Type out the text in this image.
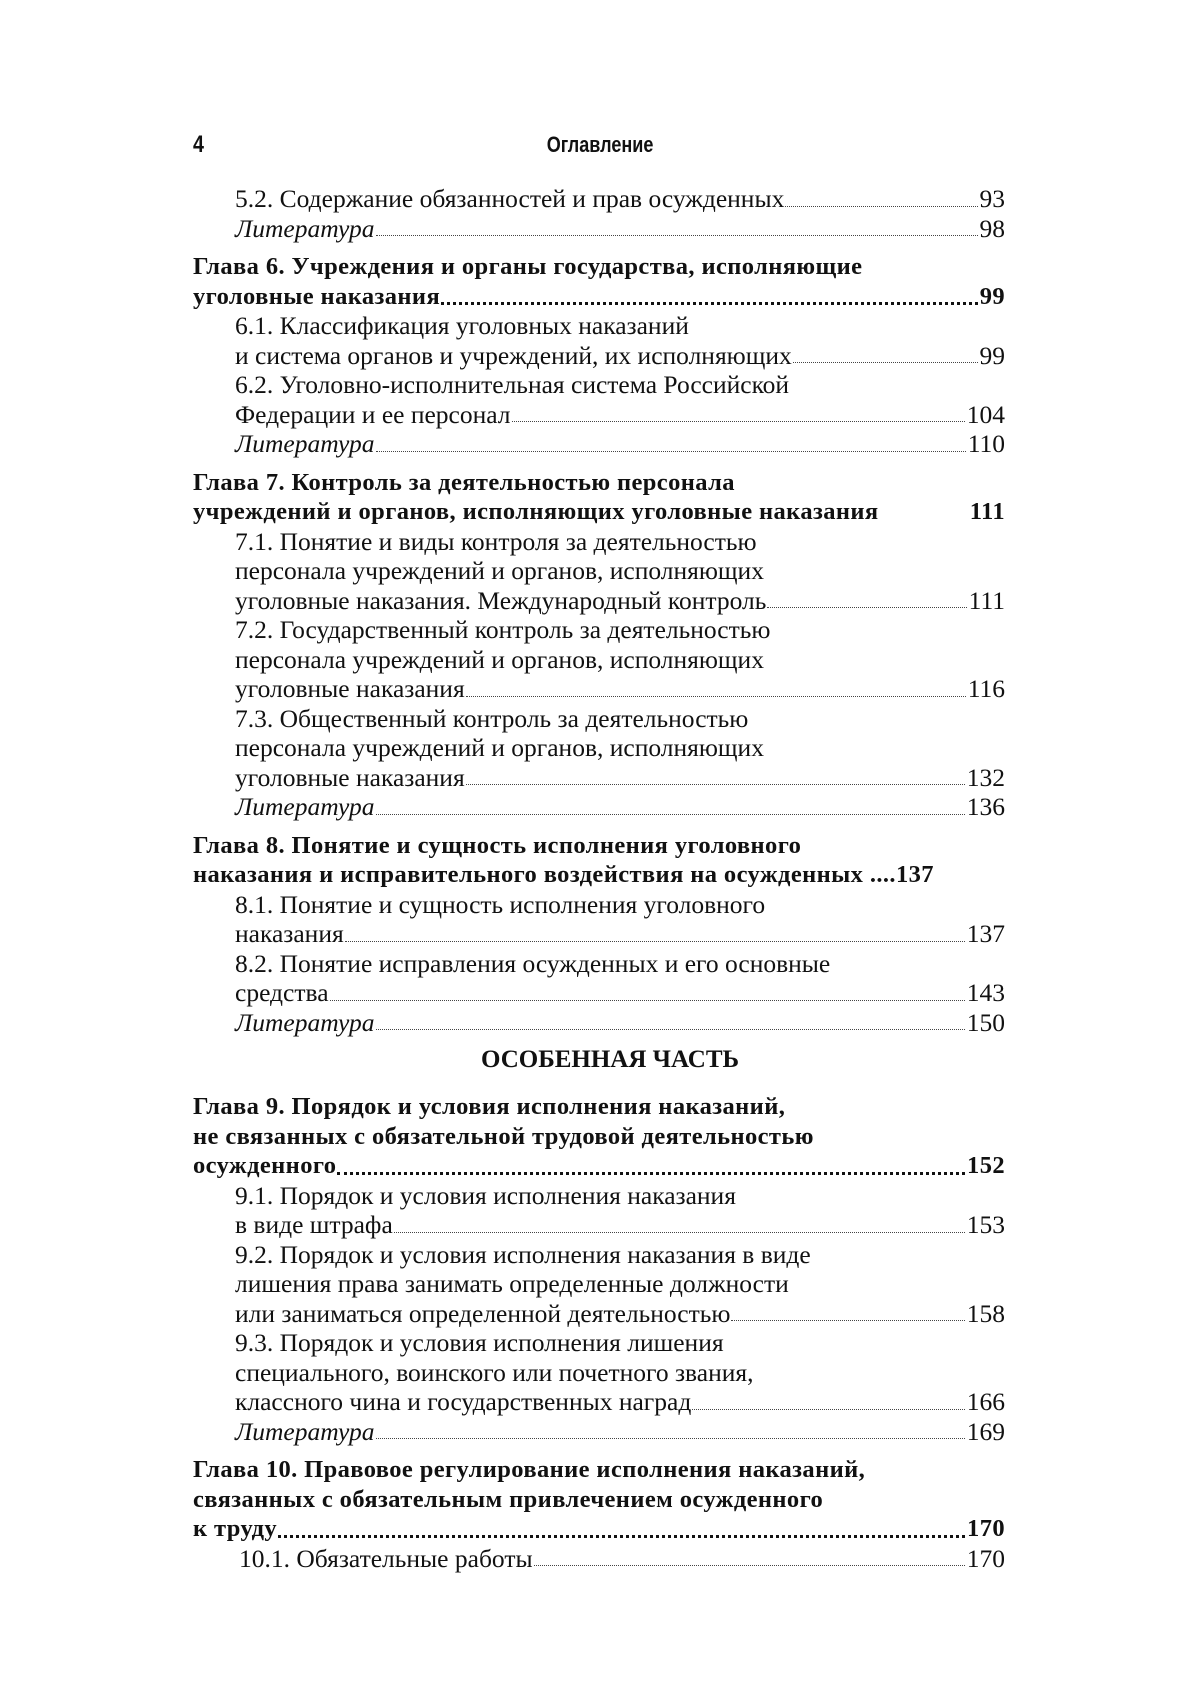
4	Оглавление
5.2. Содержание обязанностей и прав осужденных	93
Литература	98
Глава 6. Учреждения и органы государства, исполняющие
уголовные наказания	99
6.1. Классификация уголовных наказаний
и система органов и учреждений, их исполняющих	99
6.2. Уголовно-исполнительная система Российской
Федерации и ее персонал	104
Литература	110
Глава 7. Контроль за деятельностью персонала
учреждений и органов, исполняющих уголовные наказания	111
7.1. Понятие и виды контроля за деятельностью
персонала учреждений и органов, исполняющих
уголовные наказания. Международный контроль	111
7.2. Государственный контроль за деятельностью
персонала учреждений и органов, исполняющих
уголовные наказания	116
7.3. Общественный контроль за деятельностью
персонала учреждений и органов, исполняющих
уголовные наказания	132
Литература	136
Глава 8. Понятие и сущность исполнения уголовного
наказания и исправительного воздействия на осужденных .... 137
8.1. Понятие и сущность исполнения уголовного
наказания	137
8.2. Понятие исправления осужденных и его основные
средства	143
Литература	150
ОСОБЕННАЯ ЧАСТЬ
Глава 9. Порядок и условия исполнения наказаний,
не связанных с обязательной трудовой деятельностью
осужденного	152
9.1. Порядок и условия исполнения наказания
в виде штрафа	153
9.2. Порядок и условия исполнения наказания в виде
лишения права занимать определенные должности
или заниматься определенной деятельностью	158
9.3. Порядок и условия исполнения лишения
специального, воинского или почетного звания,
классного чина и государственных наград	166
Литература	169
Глава 10. Правовое регулирование исполнения наказаний,
связанных с обязательным привлечением осужденного
к труду	170
10.1. Обязательные работы	170
